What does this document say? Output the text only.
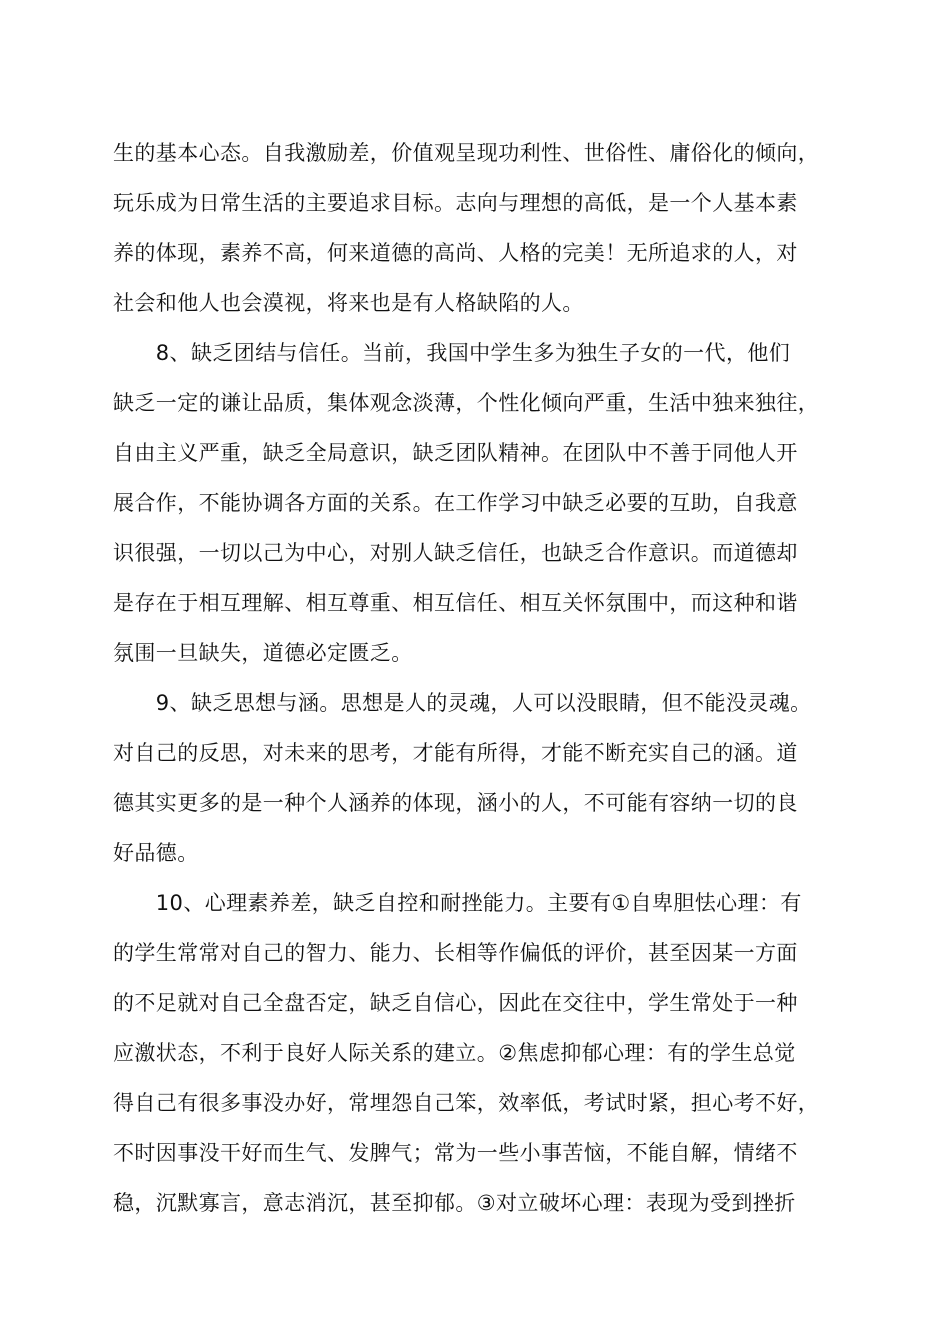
生的基本心态。自我激励差，价值观呈现功利性、世俗性、庸俗化的倾向，
玩乐成为日常生活的主要追求目标。志向与理想的高低，是一个人基本素
养的体现，素养不高，何来道德的高尚、人格的完美！无所追求的人，对
社会和他人也会漠视，将来也是有人格缺陷的人。
　　8、缺乏团结与信任。当前，我国中学生多为独生子女的一代，他们
缺乏一定的谦让品质，集体观念淡薄，个性化倾向严重，生活中独来独往，
自由主义严重，缺乏全局意识，缺乏团队精神。在团队中不善于同他人开
展合作，不能协调各方面的关系。在工作学习中缺乏必要的互助，自我意
识很强，一切以己为中心，对别人缺乏信任，也缺乏合作意识。而道德却
是存在于相互理解、相互尊重、相互信任、相互关怀氛围中，而这种和谐
氛围一旦缺失，道德必定匮乏。
　　9、缺乏思想与涵。思想是人的灵魂，人可以没眼睛，但不能没灵魂。
对自己的反思，对未来的思考，才能有所得，才能不断充实自己的涵。道
德其实更多的是一种个人涵养的体现，涵小的人，不可能有容纳一切的良
好品德。
　　10、心理素养差，缺乏自控和耐挫能力。主要有①自卑胆怯心理：有
的学生常常对自己的智力、能力、长相等作偏低的评价，甚至因某一方面
的不足就对自己全盘否定，缺乏自信心，因此在交往中，学生常处于一种
应激状态，不利于良好人际关系的建立。②焦虑抑郁心理：有的学生总觉
得自己有很多事没办好，常埋怨自己笨，效率低，考试时紧，担心考不好，
不时因事没干好而生气、发脾气；常为一些小事苦恼，不能自解，情绪不
稳，沉默寡言，意志消沉，甚至抑郁。③对立破坏心理：表现为受到挫折
